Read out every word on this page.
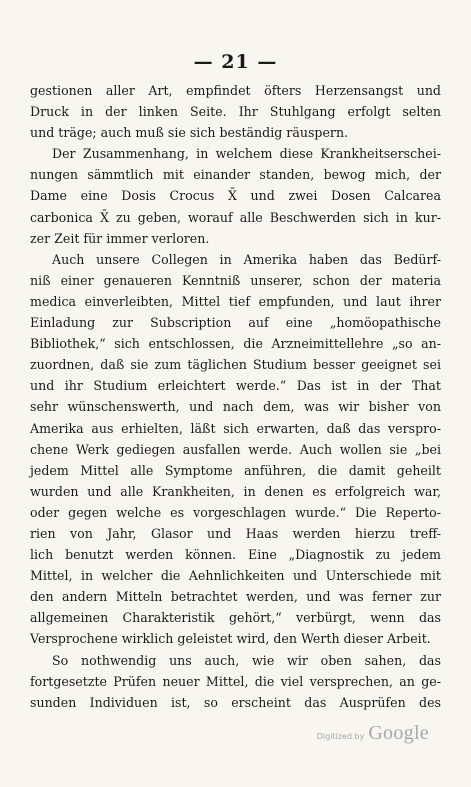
— 21 —
gestionen aller Art, empfindet öfters Herzensangst und
Druck in der linken Seite. Ihr Stuhlgang erfolgt selten
und träge; auch muß sie sich beständig räuspern.
Der Zusammenhang, in welchem diese Krankheitserschei-
nungen sämmtlich mit einander standen, bewog mich, der
Dame eine Dosis Crocus X̄ und zwei Dosen Calcarea
carbonica X̄ zu geben, worauf alle Beschwerden sich in kur-
zer Zeit für immer verloren.
Auch unsere Collegen in Amerika haben das Bedürf-
niß einer genaueren Kenntniß unserer, schon der materia
medica einverleibten, Mittel tief empfunden, und laut ihrer
Einladung zur Subscription auf eine „homöopathische
Bibliothek,“ sich entschlossen, die Arzneimittellehre „so an-
zuordnen, daß sie zum täglichen Studium besser geeignet sei
und ihr Studium erleichtert werde.“ Das ist in der That
sehr wünschenswerth, und nach dem, was wir bisher von
Amerika aus erhielten, läßt sich erwarten, daß das verspro-
chene Werk gediegen ausfallen werde. Auch wollen sie „bei
jedem Mittel alle Symptome anführen, die damit geheilt
wurden und alle Krankheiten, in denen es erfolgreich war,
oder gegen welche es vorgeschlagen wurde.“ Die Reperto-
rien von Jahr, Glasor und Haas werden hierzu treff-
lich benutzt werden können. Eine „Diagnostik zu jedem
Mittel, in welcher die Aehnlichkeiten und Unterschiede mit
den andern Mitteln betrachtet werden, und was ferner zur
allgemeinen Charakteristik gehört,“ verbürgt, wenn das
Versprochene wirklich geleistet wird, den Werth dieser Arbeit.
So nothwendig uns auch, wie wir oben sahen, das
fortgesetzte Prüfen neuer Mittel, die viel versprechen, an ge-
sunden Individuen ist, so erscheint das Ausprüfen des
Digitized by Google
